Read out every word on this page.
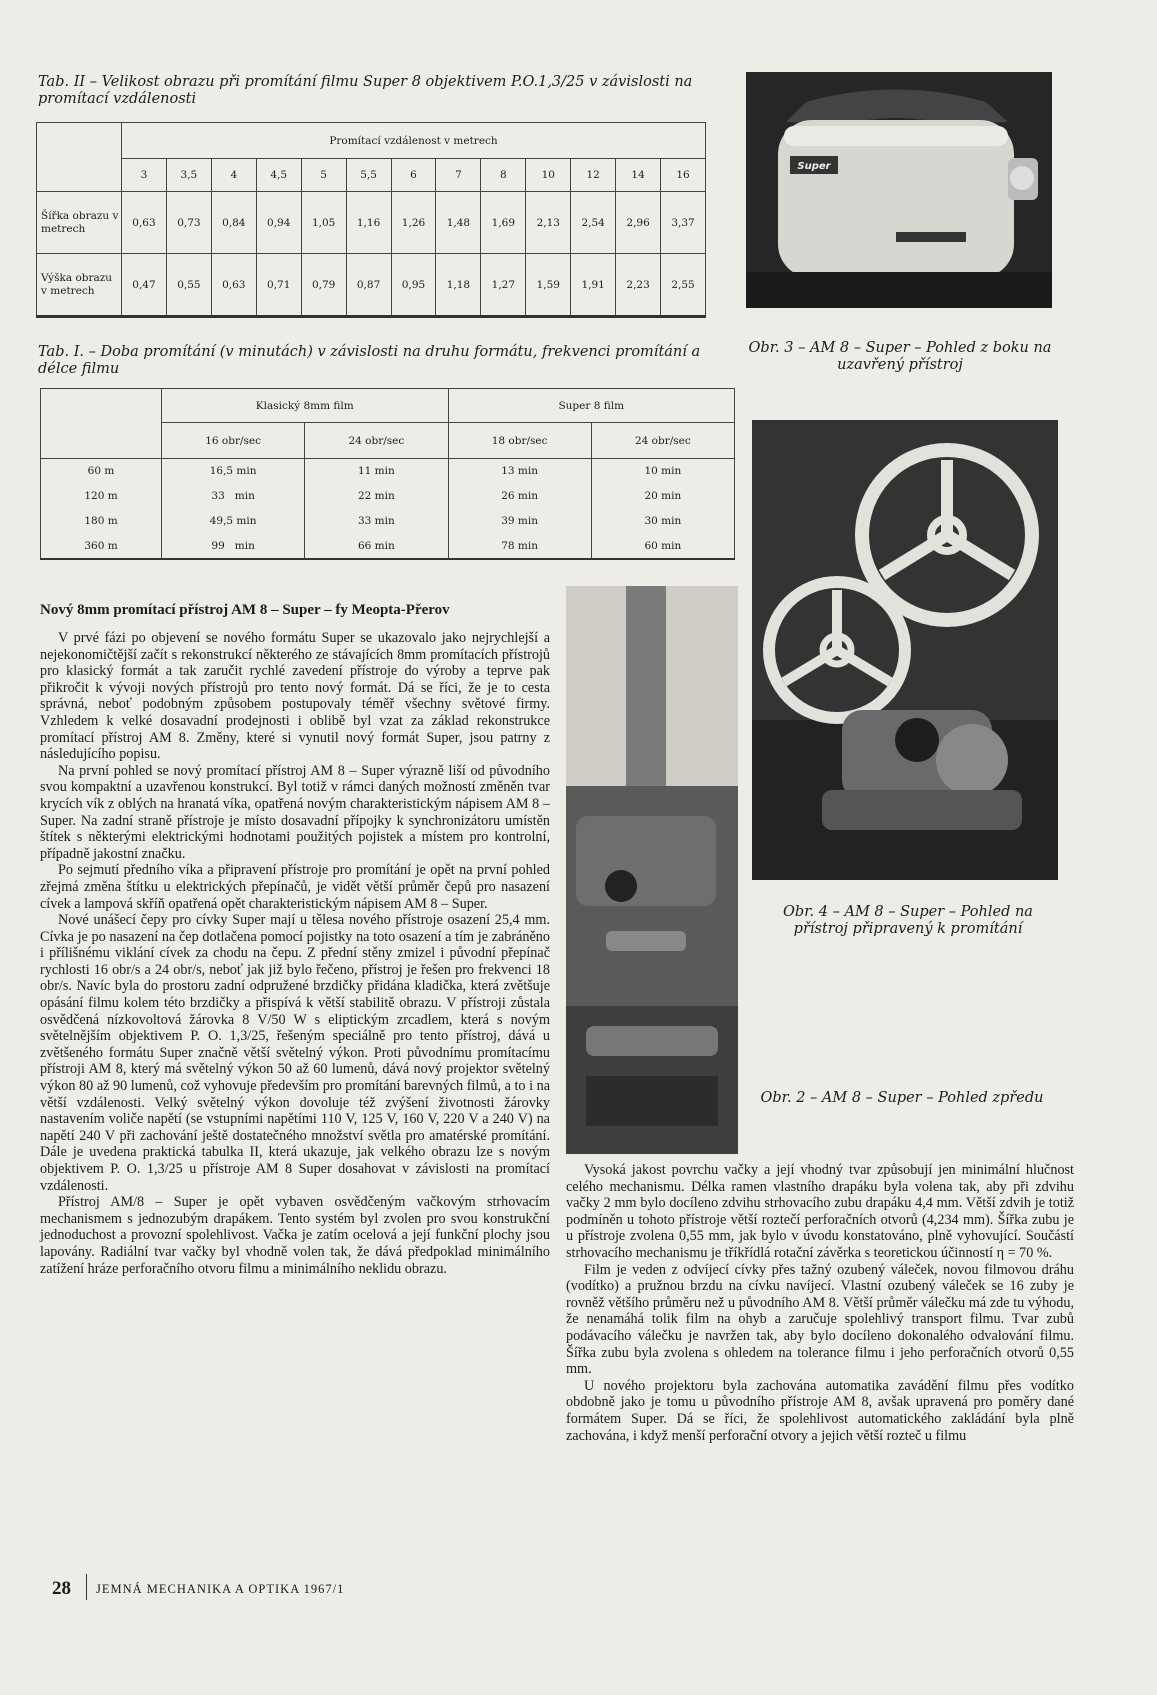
Tab. II – Velikost obrazu při promítání filmu Super 8 objektivem P.O.1,3/25 v závislosti na promítací vzdálenosti
	Promítací vzdálenost v metrech												
	3	3,5	4	4,5	5	5,5	6	7	8	10	12	14	16
Šířka obrazu v metrech	0,63	0,73	0,84	0,94	1,05	1,16	1,26	1,48	1,69	2,13	2,54	2,96	3,37
Výška obrazu v metrech	0,47	0,55	0,63	0,71	0,79	0,87	0,95	1,18	1,27	1,59	1,91	2,23	2,55
Super
Obr. 3 – AM 8 – Super – Pohled z boku na uzavřený přístroj
Tab. I. – Doba promítání (v minutách) v závislosti na druhu formátu, frekvenci promítání a délce filmu
	Klasický 8mm film		Super 8 film	
	16 obr/sec	24 obr/sec	18 obr/sec	24 obr/sec
60 m	16,5 min	11 min	13 min	10 min
120 m	33   min	22 min	26 min	20 min
180 m	49,5 min	33 min	39 min	30 min
360 m	99   min	66 min	78 min	60 min
Obr. 4 – AM 8 – Super – Pohled na přístroj připravený k promítání
Obr. 2 – AM 8 – Super – Pohled zpředu
Nový 8mm promítací přístroj AM 8 – Super – fy Meopta-Přerov

V prvé fázi po objevení se nového formátu Super se ukazovalo jako nejrychlejší a nejekonomičtější začít s rekonstrukcí některého ze stávajících 8mm promítacích přístrojů pro klasický formát a tak zaručit rychlé zavedení přístroje do výroby a teprve pak přikročit k vývoji nových přístrojů pro tento nový formát. Dá se říci, že je to cesta správná, neboť podobným způsobem postupovaly téměř všechny světové firmy. Vzhledem k velké dosavadní prodejnosti i oblibě byl vzat za základ rekonstrukce promítací přístroj AM 8. Změny, které si vynutil nový formát Super, jsou patrny z následujícího popisu.

Na první pohled se nový promítací přístroj AM 8 – Super výrazně liší od původního svou kompaktní a uzavřenou konstrukcí. Byl totiž v rámci daných možností změněn tvar krycích vík z oblých na hranatá víka, opatřená novým charakteristickým nápisem AM 8 – Super. Na zadní straně přístroje je místo dosavadní přípojky k synchronizátoru umístěn štítek s některými elektrickými hodnotami použitých pojistek a místem pro kontrolní, případně jakostní značku.

Po sejmutí předního víka a připravení přístroje pro promítání je opět na první pohled zřejmá změna štítku u elektrických přepínačů, je vidět větší průměr čepů pro nasazení cívek a lampová skříň opatřená opět charakteristickým nápisem AM 8 – Super.

Nové unášecí čepy pro cívky Super mají u tělesa nového přístroje osazení 25,4 mm. Cívka je po nasazení na čep dotlačena pomocí pojistky na toto osazení a tím je zabráněno i přílišnému viklání cívek za chodu na čepu. Z přední stěny zmizel i původní přepínač rychlosti 16 obr/s a 24 obr/s, neboť jak již bylo řečeno, přístroj je řešen pro frekvenci 18 obr/s. Navíc byla do prostoru zadní odpružené brzdičky přidána kladička, která zvětšuje opásání filmu kolem této brzdičky a přispívá k větší stabilitě obrazu. V přístroji zůstala osvědčená nízkovoltová žárovka 8 V/50 W s eliptickým zrcadlem, která s novým světelnějším objektivem P. O. 1,3/25, řešeným speciálně pro tento přístroj, dává u zvětšeného formátu Super značně větší světelný výkon. Proti původnímu promítacímu přístroji AM 8, který má světelný výkon 50 až 60 lumenů, dává nový projektor světelný výkon 80 až 90 lumenů, což vyhovuje především pro promítání barevných filmů, a to i na větší vzdálenosti. Velký světelný výkon dovoluje též zvýšení životnosti žárovky nastavením voliče napětí (se vstupními napětími 110 V, 125 V, 160 V, 220 V a 240 V) na napětí 240 V při zachování ještě dostatečného množství světla pro amatérské promítání. Dále je uvedena praktická tabulka II, která ukazuje, jak velkého obrazu lze s novým objektivem P. O. 1,3/25 u přístroje AM 8 Super dosahovat v závislosti na promítací vzdálenosti.

Přístroj AM/8 – Super je opět vybaven osvědčeným vačkovým strhovacím mechanismem s jednozubým drapákem. Tento systém byl zvolen pro svou konstrukční jednoduchost a provozní spolehlivost. Vačka je zatím ocelová a její funkční plochy jsou lapovány. Radiální tvar vačky byl vhodně volen tak, že dává předpoklad minimálního zatížení hráze perforačního otvoru filmu a minimálního neklidu obrazu.

Vysoká jakost povrchu vačky a její vhodný tvar způsobují jen minimální hlučnost celého mechanismu. Délka ramen vlastního drapáku byla volena tak, aby při zdvihu vačky 2 mm bylo docíleno zdvihu strhovacího zubu drapáku 4,4 mm. Větší zdvih je totiž podmíněn u tohoto přístroje větší roztečí perforačních otvorů (4,234 mm). Šířka zubu je u přístroje zvolena 0,55 mm, jak bylo v úvodu konstatováno, plně vyhovující. Součástí strhovacího mechanismu je tříkřídlá rotační závěrka s teoretickou účinností η = 70 %.

Film je veden z odvíjecí cívky přes tažný ozubený váleček, novou filmovou dráhu (vodítko) a pružnou brzdu na cívku navíjecí. Vlastní ozubený váleček se 16 zuby je rovněž většího průměru než u původního AM 8. Větší průměr válečku má zde tu výhodu, že nenamáhá tolik film na ohyb a zaručuje spolehlivý transport filmu. Tvar zubů podávacího válečku je navržen tak, aby bylo docíleno dokonalého odvalování filmu. Šířka zubu byla zvolena s ohledem na tolerance filmu i jeho perforačních otvorů 0,55 mm.

U nového projektoru byla zachována automatika zavádění filmu přes vodítko obdobně jako je tomu u původního přístroje AM 8, avšak upravená pro poměry dané formátem Super. Dá se říci, že spolehlivost automatického zakládání byla plně zachována, i když menší perforační otvory a jejich větší rozteč u filmu

28 JEMNÁ MECHANIKA A OPTIKA 1967/1
